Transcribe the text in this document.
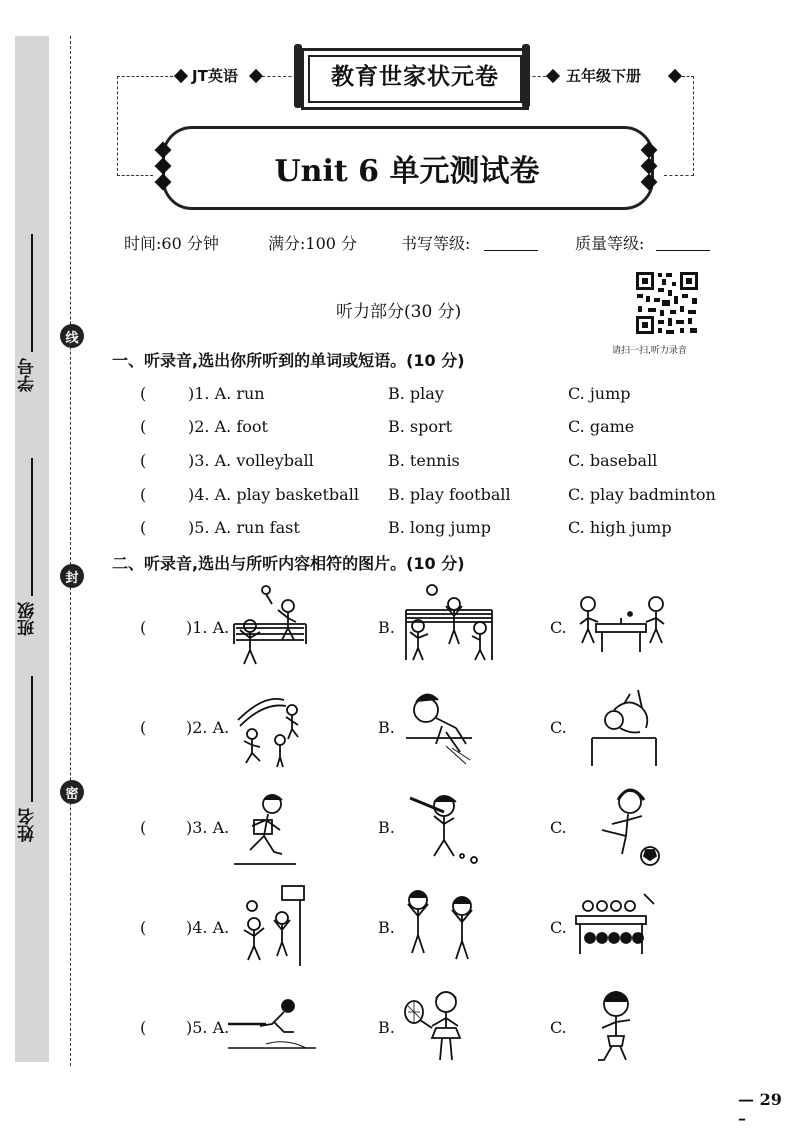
学号
班级
姓名
线
封
密
JT英语	教育世家状元卷	五年级下册
Unit 6 单元测试卷
时间:60 分钟	满分:100 分	书写等级:	质量等级:
听力部分(30 分)
请扫一扫,听力录音
一、听录音,选出你所听到的单词或短语。(10 分)
(	)1. A. run	B. play	C. jump
(	)2. A. foot	B. sport	C. game
(	)3. A. volleyball	B. tennis	C. baseball
(	)4. A. play basketball B. play football	C. play badminton
(	)5. A. run fast	B. long jump	C. high jump
二、听录音,选出与所听内容相符的图片。(10 分)
( )1. A.	B.	C.
( )2. A.	B.	C.
( )3. A.	B.	C.
( )4. A.	B.	C.
( )5. A.	B.	C.
— 29 –
